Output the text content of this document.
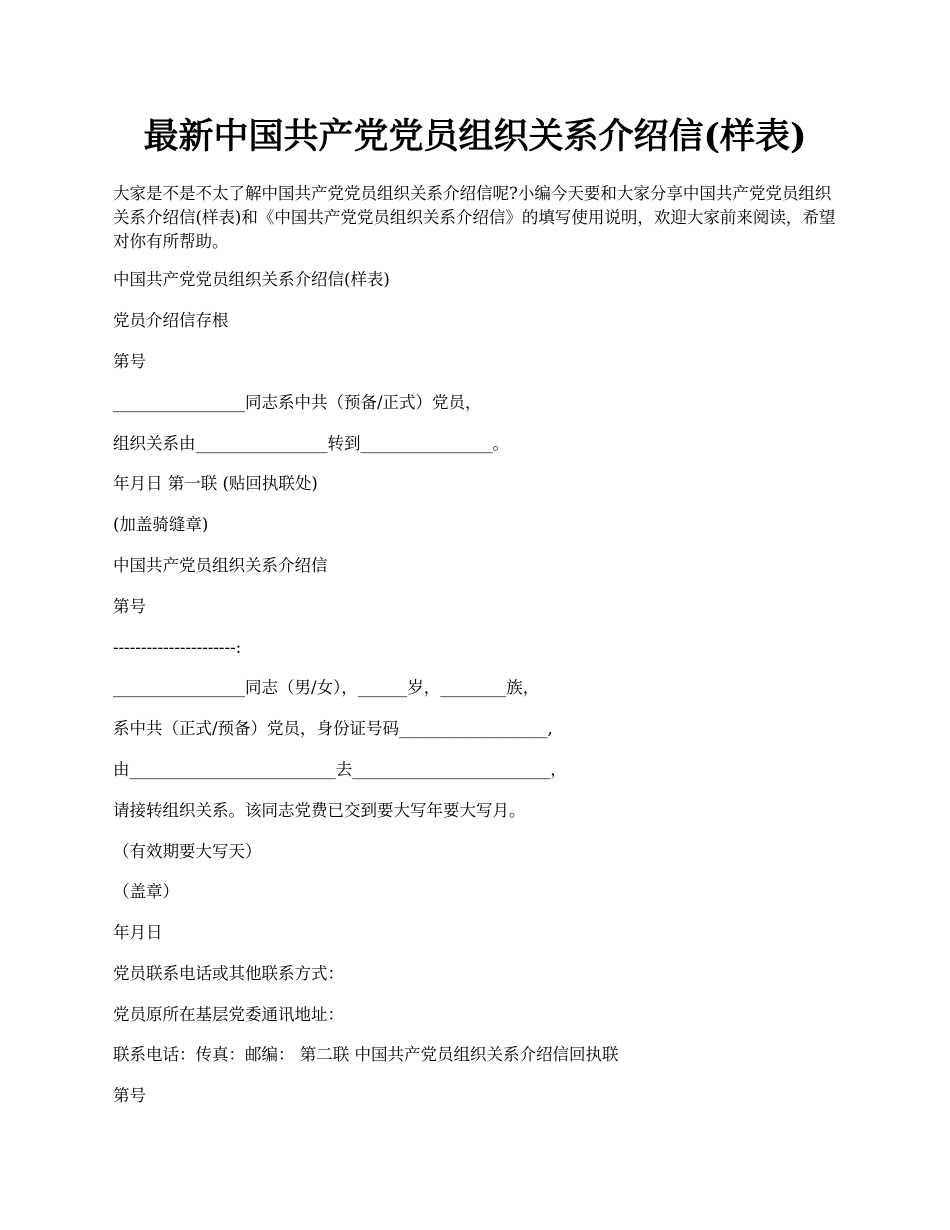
最新中国共产党党员组织关系介绍信(样表)
大家是不是不太了解中国共产党党员组织关系介绍信呢?小编今天要和大家分享中国共产党党员组织关系介绍信(样表)和《中国共产党党员组织关系介绍信》的填写使用说明，欢迎大家前来阅读，希望对你有所帮助。
中国共产党党员组织关系介绍信(样表)
党员介绍信存根
第号
________________同志系中共（预备/正式）党员，
组织关系由________________转到________________。
年月日 第一联 (贴回执联处)
(加盖骑缝章)
中国共产党员组织关系介绍信
第号
----------------------:
________________同志（男/女），______岁，________族，
系中共（正式/预备）党员，身份证号码__________________,
由_________________________去________________________，
请接转组织关系。该同志党费已交到要大写年要大写月。
（有效期要大写天）
（盖章）
年月日
党员联系电话或其他联系方式：
党员原所在基层党委通讯地址：
联系电话：传真：邮编： 第二联 中国共产党员组织关系介绍信回执联
第号
